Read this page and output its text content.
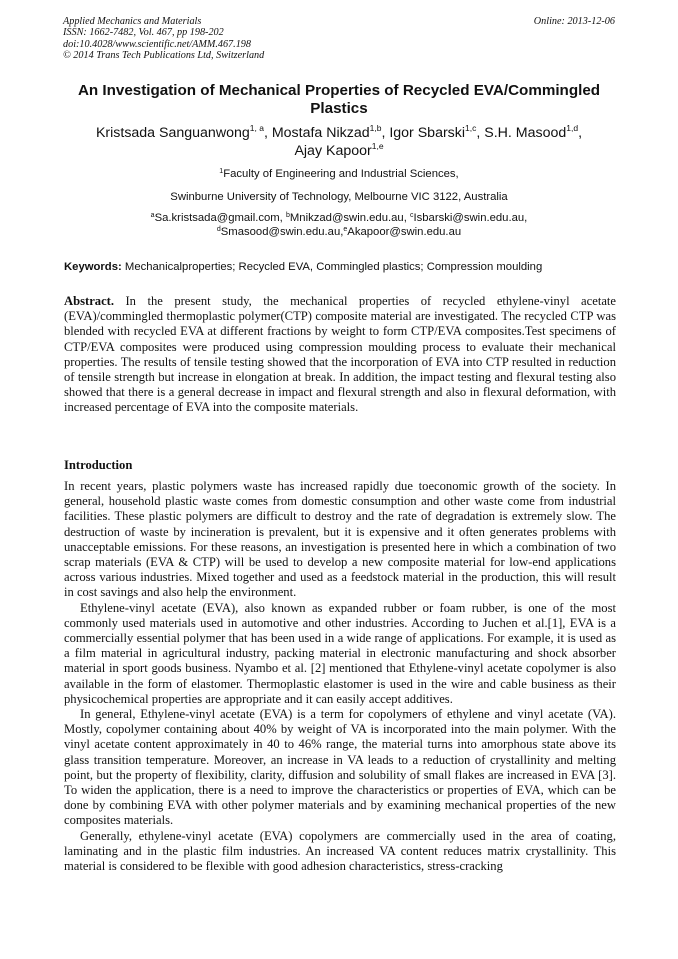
Applied Mechanics and Materials
ISSN: 1662-7482, Vol. 467, pp 198-202
doi:10.4028/www.scientific.net/AMM.467.198
© 2014 Trans Tech Publications Ltd, Switzerland
Online: 2013-12-06
An Investigation of Mechanical Properties of Recycled EVA/Commingled Plastics
Kristsada Sanguanwong$^{1, a}$, Mostafa Nikzad$^{1,b}$, Igor Sbarski$^{1,c}$, S.H. Masood$^{1,d}$,
Ajay Kapoor$^{1,e}$
$^1$Faculty of Engineering and Industrial Sciences,
Swinburne University of Technology, Melbourne VIC 3122, Australia
$^a$Sa.kristsada@gmail.com, $^b$Mnikzad@swin.edu.au, $^c$Isbarski@swin.edu.au,
$^d$Smasood@swin.edu.au,$^e$Akapoor@swin.edu.au
Keywords: Mechanicalproperties; Recycled EVA, Commingled plastics; Compression moulding

Abstract. In the present study, the mechanical properties of recycled ethylene-vinyl acetate (EVA)/commingled thermoplastic polymer(CTP) composite material are investigated. The recycled CTP was blended with recycled EVA at different fractions by weight to form CTP/EVA composites.Test specimens of CTP/EVA composites were produced using compression moulding process to evaluate their mechanical properties. The results of tensile testing showed that the incorporation of EVA into CTP resulted in reduction of tensile strength but increase in elongation at break. In addition, the impact testing and flexural testing also showed that there is a general decrease in impact and flexural strength and also in flexural deformation, with increased percentage of EVA into the composite materials.

Introduction

In recent years, plastic polymers waste has increased rapidly due toeconomic growth of the society. In general, household plastic waste comes from domestic consumption and other waste come from industrial facilities. These plastic polymers are difficult to destroy and the rate of degradation is extremely slow. The destruction of waste by incineration is prevalent, but it is expensive and it often generates problems with unacceptable emissions. For these reasons, an investigation is presented here in which a combination of two scrap materials (EVA & CTP) will be used to develop a new composite material for low-end applications across various industries. Mixed together and used as a feedstock material in the production, this will result in cost savings and also help the environment.

Ethylene-vinyl acetate (EVA), also known as expanded rubber or foam rubber, is one of the most commonly used materials used in automotive and other industries. According to Juchen et al.[1], EVA is a commercially essential polymer that has been used in a wide range of applications. For example, it is used as a film material in agricultural industry, packing material in electronic manufacturing and shock absorber material in sport goods business. Nyambo et al. [2] mentioned that Ethylene-vinyl acetate copolymer is also available in the form of elastomer. Thermoplastic elastomer is used in the wire and cable business as their physicochemical properties are appropriate and it can easily accept additives.

In general, Ethylene-vinyl acetate (EVA) is a term for copolymers of ethylene and vinyl acetate (VA). Mostly, copolymer containing about 40% by weight of VA is incorporated into the main polymer. With the vinyl acetate content approximately in 40 to 46% range, the material turns into amorphous state above its glass transition temperature. Moreover, an increase in VA leads to a reduction of crystallinity and melting point, but the property of flexibility, clarity, diffusion and solubility of small flakes are increased in EVA [3]. To widen the application, there is a need to improve the characteristics or properties of EVA, which can be done by combining EVA with other polymer materials and by examining mechanical properties of the new composites materials.

Generally, ethylene-vinyl acetate (EVA) copolymers are commercially used in the area of coating, laminating and in the plastic film industries. An increased VA content reduces matrix crystallinity. This material is considered to be flexible with good adhesion characteristics, stress-cracking
